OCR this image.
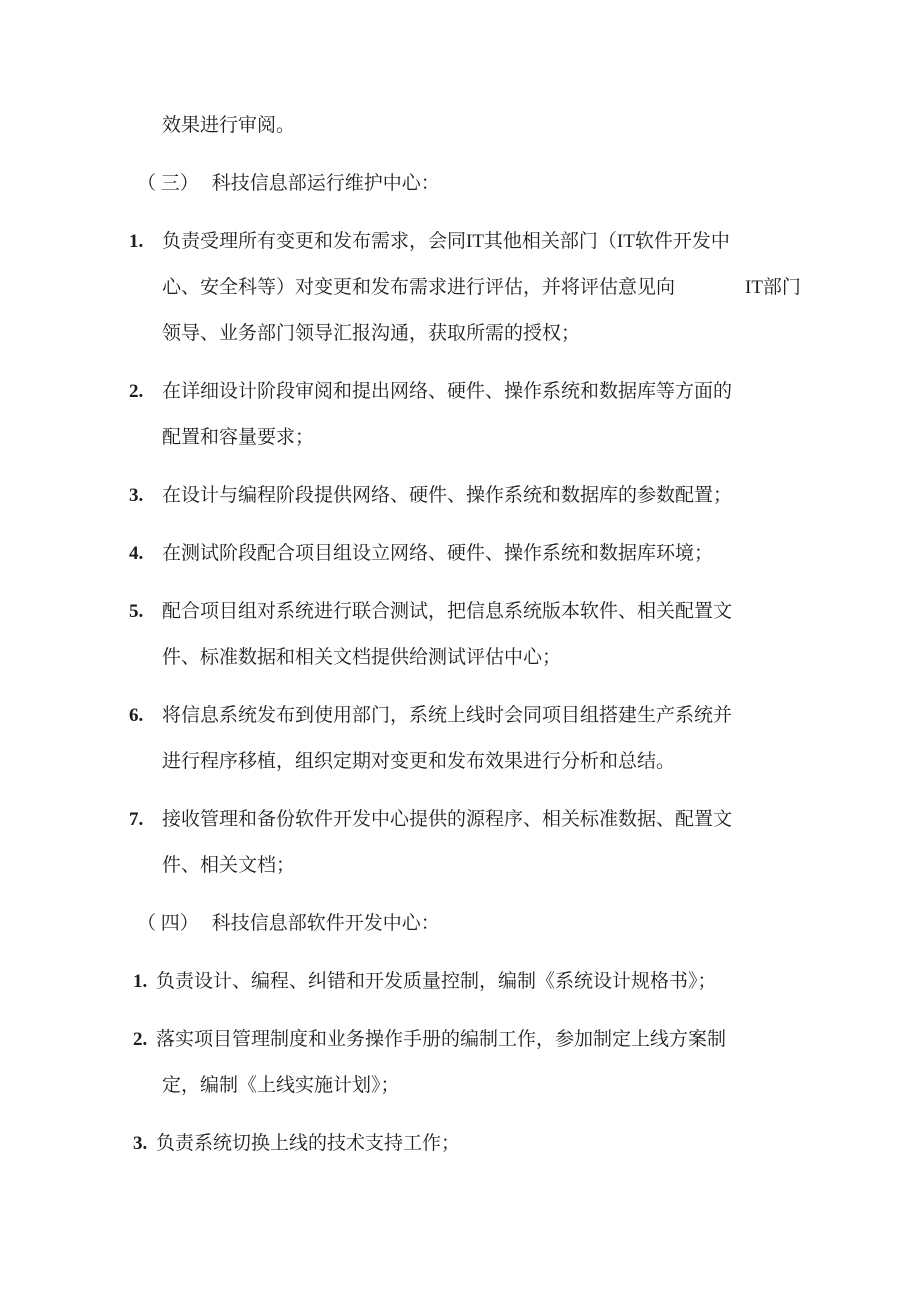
效果进行审阅。
（ 三） 科技信息部运行维护中心：
1. 负责受理所有变更和发布需求，会同IT其他相关部门（IT软件开发中
心、安全科等）对变更和发布需求进行评估，并将评估意见向	IT部门
领导、业务部门领导汇报沟通，获取所需的授权；
2. 在详细设计阶段审阅和提出网络、硬件、操作系统和数据库等方面的
配置和容量要求；
3. 在设计与编程阶段提供网络、硬件、操作系统和数据库的参数配置；
4. 在测试阶段配合项目组设立网络、硬件、操作系统和数据库环境；
5. 配合项目组对系统进行联合测试，把信息系统版本软件、相关配置文
件、标准数据和相关文档提供给测试评估中心；
6. 将信息系统发布到使用部门，系统上线时会同项目组搭建生产系统并
进行程序移植，组织定期对变更和发布效果进行分析和总结。
7. 接收管理和备份软件开发中心提供的源程序、相关标准数据、配置文
件、相关文档；
（ 四） 科技信息部软件开发中心：
1. 负责设计、编程、纠错和开发质量控制，编制《系统设计规格书》；
2. 落实项目管理制度和业务操作手册的编制工作，参加制定上线方案制
定，编制《上线实施计划》；
3. 负责系统切换上线的技术支持工作；
